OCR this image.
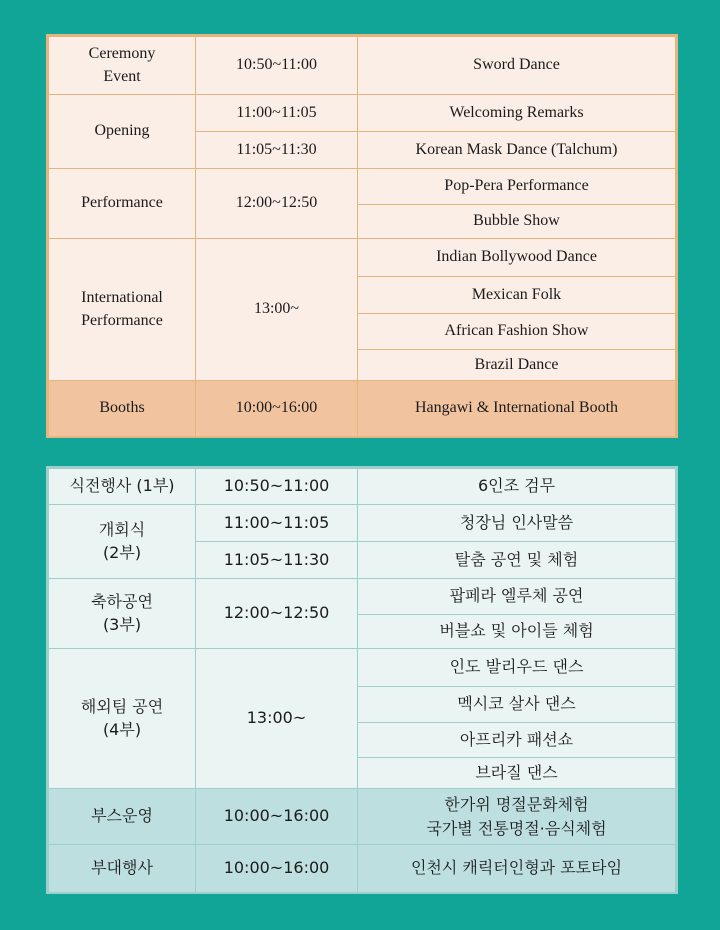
Ceremony
Event	10:50~11:00	Sword Dance
Opening	11:00~11:05	Welcoming Remarks
	11:05~11:30	Korean Mask Dance (Talchum)
Performance	12:00~12:50	Pop-Pera Performance
		Bubble Show
International
Performance	13:00~	Indian Bollywood Dance
		Mexican Folk
		African Fashion Show
		Brazil Dance
Booths	10:00~16:00	Hangawi & International Booth
식전행사 (1부)	10:50~11:00	6인조 검무
개회식
(2부)	11:00~11:05	청장님 인사말씀
	11:05~11:30	탈춤 공연 및 체험
축하공연
(3부)	12:00~12:50	팝페라 엘루체 공연
		버블쇼 및 아이들 체험
해외팀 공연
(4부)	13:00~	인도 발리우드 댄스
		멕시코 살사 댄스
		아프리카 패션쇼
		브라질 댄스
부스운영	10:00~16:00	한가위 명절문화체험
국가별 전통명절·음식체험
부대행사	10:00~16:00	인천시 캐릭터인형과 포토타임
